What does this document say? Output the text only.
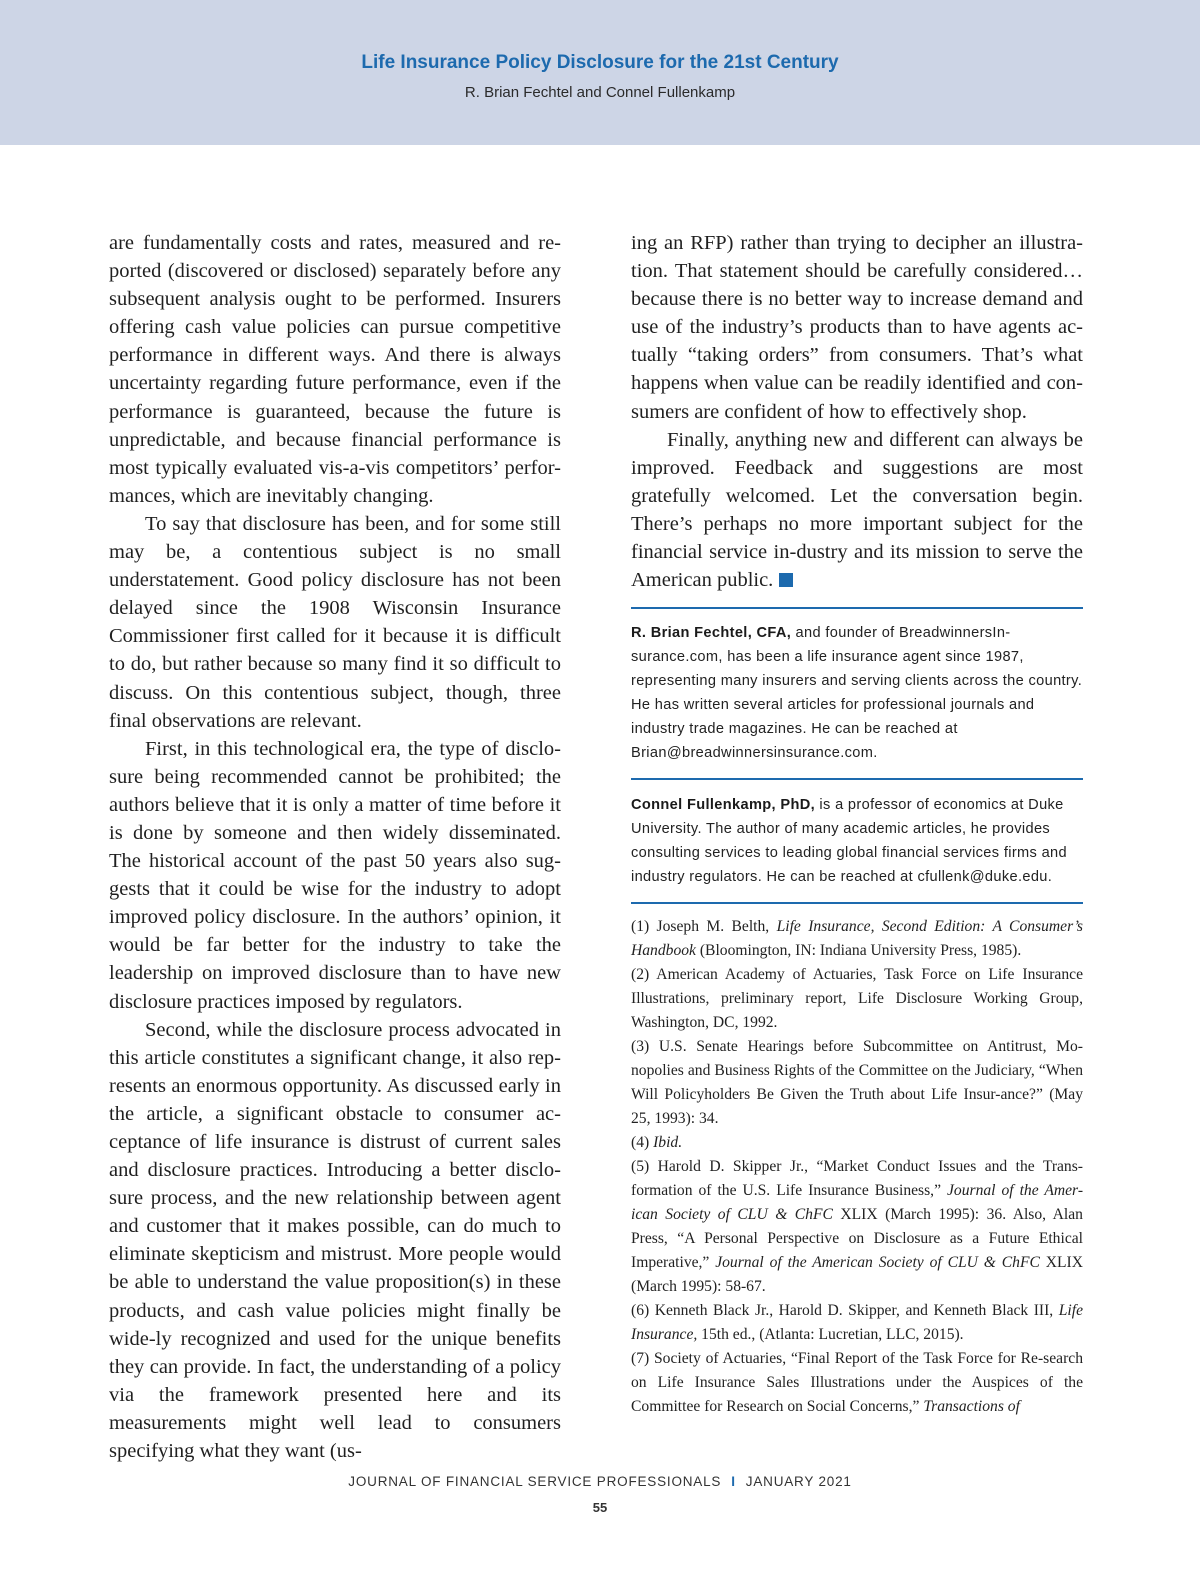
Life Insurance Policy Disclosure for the 21st Century

R. Brian Fechtel and Connel Fullenkamp

are fundamentally costs and rates, measured and re-ported (discovered or disclosed) separately before any subsequent analysis ought to be performed. Insurers offering cash value policies can pursue competitive performance in different ways. And there is always uncertainty regarding future performance, even if the performance is guaranteed, because the future is unpredictable, and because financial performance is most typically evaluated vis-a-vis competitors’ perfor-mances, which are inevitably changing.

To say that disclosure has been, and for some still may be, a contentious subject is no small understatement. Good policy disclosure has not been delayed since the 1908 Wisconsin Insurance Commissioner first called for it because it is difficult to do, but rather because so many find it so difficult to discuss. On this contentious subject, though, three final observations are relevant.

First, in this technological era, the type of disclo-sure being recommended cannot be prohibited; the authors believe that it is only a matter of time before it is done by someone and then widely disseminated. The historical account of the past 50 years also sug-gests that it could be wise for the industry to adopt improved policy disclosure. In the authors’ opinion, it would be far better for the industry to take the leadership on improved disclosure than to have new disclosure practices imposed by regulators.

Second, while the disclosure process advocated in this article constitutes a significant change, it also rep-resents an enormous opportunity. As discussed early in the article, a significant obstacle to consumer ac-ceptance of life insurance is distrust of current sales and disclosure practices. Introducing a better disclo-sure process, and the new relationship between agent and customer that it makes possible, can do much to eliminate skepticism and mistrust. More people would be able to understand the value proposition(s) in these products, and cash value policies might finally be wide-ly recognized and used for the unique benefits they can provide. In fact, the understanding of a policy via the framework presented here and its measurements might well lead to consumers specifying what they want (us-

ing an RFP) rather than trying to decipher an illustra-tion. That statement should be carefully considered… because there is no better way to increase demand and use of the industry’s products than to have agents ac-tually “taking orders” from consumers. That’s what happens when value can be readily identified and con-sumers are confident of how to effectively shop.

Finally, anything new and different can always be improved. Feedback and suggestions are most gratefully welcomed. Let the conversation begin. There’s perhaps no more important subject for the financial service in-dustry and its mission to serve the American public.

R. Brian Fechtel, CFA, and founder of BreadwinnersIn-surance.com, has been a life insurance agent since 1987, representing many insurers and serving clients across the country. He has written several articles for professional journals and industry trade magazines. He can be reached at Brian@breadwinnersinsurance.com.

Connel Fullenkamp, PhD, is a professor of economics at Duke University. The author of many academic articles, he provides consulting services to leading global financial services firms and industry regulators. He can be reached at cfullenk@duke.edu.

(1) Joseph M. Belth, Life Insurance, Second Edition: A Consumer’s Handbook (Bloomington, IN: Indiana University Press, 1985).

(2) American Academy of Actuaries, Task Force on Life Insurance Illustrations, preliminary report, Life Disclosure Working Group, Washington, DC, 1992.

(3) U.S. Senate Hearings before Subcommittee on Antitrust, Mo-nopolies and Business Rights of the Committee on the Judiciary, “When Will Policyholders Be Given the Truth about Life Insur-ance?” (May 25, 1993): 34.

(4) Ibid.

(5) Harold D. Skipper Jr., “Market Conduct Issues and the Trans-formation of the U.S. Life Insurance Business,” Journal of the Amer-ican Society of CLU & ChFC XLIX (March 1995): 36. Also, Alan Press, “A Personal Perspective on Disclosure as a Future Ethical Imperative,” Journal of the American Society of CLU & ChFC XLIX (March 1995): 58-67.

(6) Kenneth Black Jr., Harold D. Skipper, and Kenneth Black III, Life Insurance, 15th ed., (Atlanta: Lucretian, LLC, 2015).

(7) Society of Actuaries, “Final Report of the Task Force for Re-search on Life Insurance Sales Illustrations under the Auspices of the Committee for Research on Social Concerns,” Transactions of

JOURNAL OF FINANCIAL SERVICE PROFESSIONALS I JANUARY 2021

55
